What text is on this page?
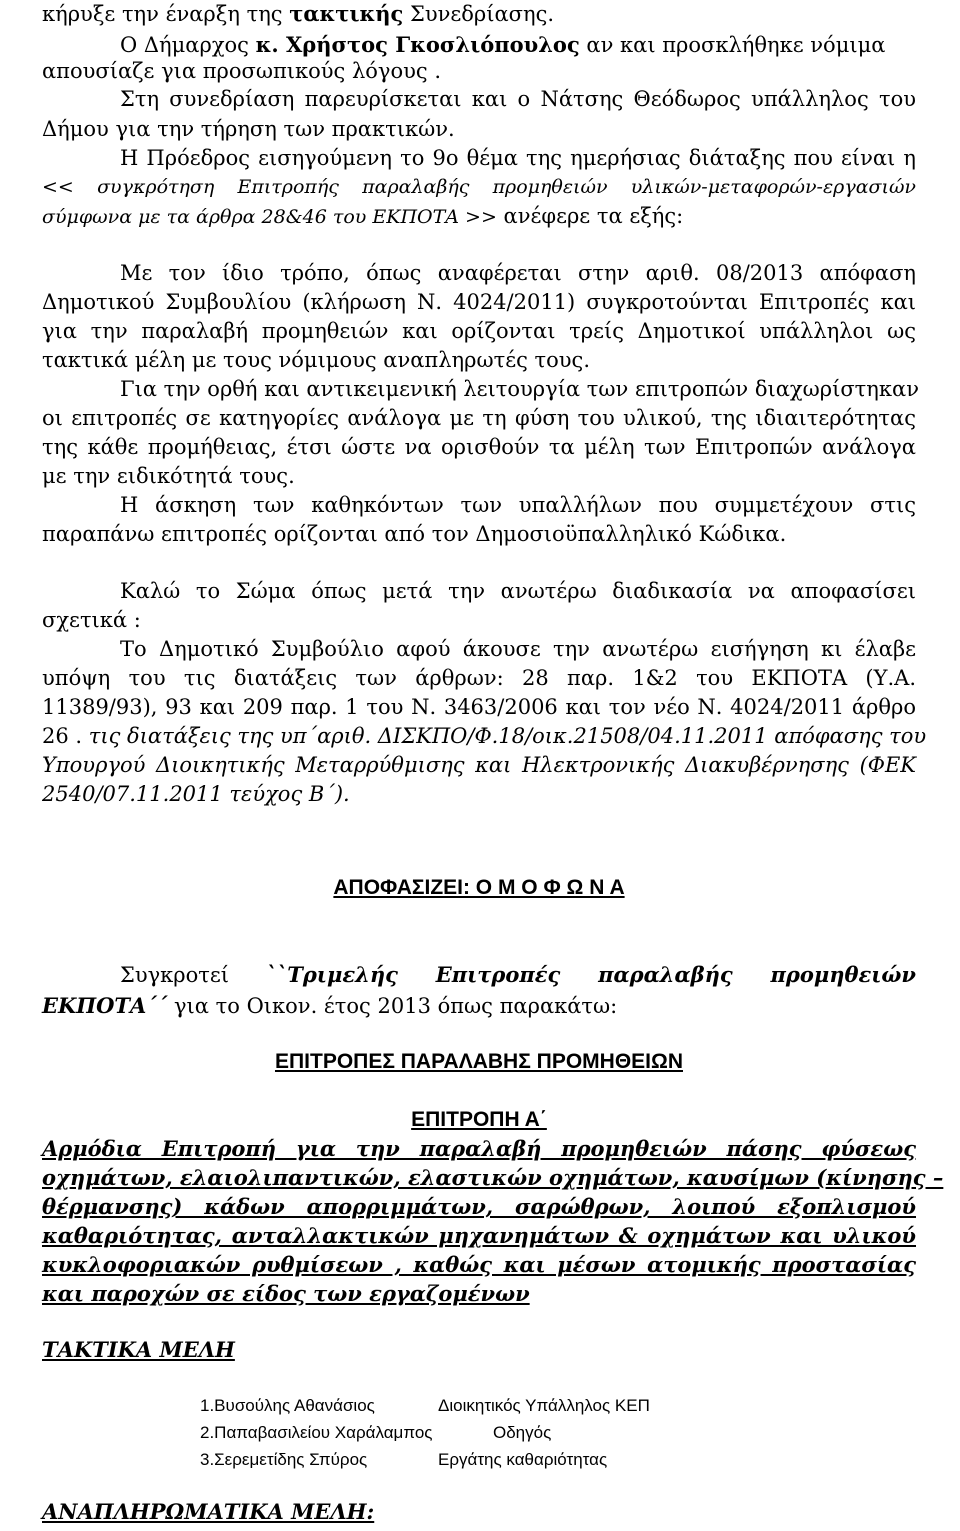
κήρυξε την έναρξη της τακτικής Συνεδρίασης.

Ο Δήμαρχος κ. Χρήστος Γκοσλιόπουλος αν και προσκλήθηκε νόμιμα

απουσίαζε για προσωπικούς λόγους .

Στη συνεδρίαση παρευρίσκεται και ο Νάτσης Θεόδωρος υπάλληλος του

Δήμου για την τήρηση των πρακτικών.

Η Πρόεδρος εισηγούμενη το 9ο θέμα της ημερήσιας διάταξης που είναι η

<< συγκρότηση Επιτροπής παραλαβής προμηθειών υλικών-μεταφορών-εργασιών

σύμφωνα με τα άρθρα 28&46 του ΕΚΠΟΤΑ >> ανέφερε τα εξής:

Με τον ίδιο τρόπο, όπως αναφέρεται στην αριθ. 08/2013 απόφαση

Δημοτικού Συμβουλίου (κλήρωση Ν. 4024/2011) συγκροτούνται Επιτροπές και

για την παραλαβή προμηθειών και ορίζονται τρείς Δημοτικοί υπάλληλοι ως

τακτικά μέλη με τους νόμιμους αναπληρωτές τους.

Για την ορθή και αντικειμενική λειτουργία των επιτροπών διαχωρίστηκαν

οι επιτροπές σε κατηγορίες ανάλογα με τη φύση του υλικού, της ιδιαιτερότητας

της κάθε προμήθειας, έτσι ώστε να ορισθούν τα μέλη των Επιτροπών ανάλογα

με την ειδικότητά τους.

Η άσκηση των καθηκόντων των υπαλλήλων που συμμετέχουν στις

παραπάνω επιτροπές ορίζονται από τον Δημοσιοϋπαλληλικό Κώδικα.

Καλώ το Σώμα όπως μετά την ανωτέρω διαδικασία να αποφασίσει

σχετικά :

Το Δημοτικό Συμβούλιο αφού άκουσε την ανωτέρω εισήγηση κι έλαβε

υπόψη του τις διατάξεις των άρθρων: 28 παρ. 1&2 του ΕΚΠΟΤΑ (Υ.Α.

11389/93), 93 και 209 παρ. 1 του Ν. 3463/2006 και τον νέο Ν. 4024/2011 άρθρο

26 . τις διατάξεις της υπ΄αριθ. ΔΙΣΚΠΟ/Φ.18/οικ.21508/04.11.2011 απόφασης του

Υπουργού Διοικητικής Μεταρρύθμισης και Ηλεκτρονικής Διακυβέρνησης (ΦΕΚ

2540/07.11.2011 τεύχος Β΄).

ΑΠΟΦΑΣΙΖΕΙ: Ο Μ Ο Φ Ω Ν Α

Συγκροτεί ``Τριμελής Επιτροπές παραλαβής προμηθειών

ΕΚΠΟΤΑ΄΄ για το Οικον. έτος 2013 όπως παρακάτω:

ΕΠΙΤΡΟΠΕΣ ΠΑΡΑΛΑΒΗΣ ΠΡΟΜΗΘΕΙΩΝ

ΕΠΙΤΡΟΠΗ Α΄

Αρμόδια Επιτροπή για την παραλαβή προμηθειών πάσης φύσεως

οχημάτων, ελαιολιπαντικών, ελαστικών οχημάτων, καυσίμων (κίνησης –

θέρμανσης) κάδων απορριμμάτων, σαρώθρων, λοιπού εξοπλισμού

καθαριότητας, ανταλλακτικών μηχανημάτων & οχημάτων και υλικού

κυκλοφοριακών ρυθμίσεων , καθώς και μέσων ατομικής προστασίας

και παροχών σε είδος των εργαζομένων

ΤΑΚΤΙΚΑ ΜΕΛΗ

1.Βυσούλης Αθανάσιος	Διοικητικός Υπάλληλος ΚΕΠ
2.Παπαβασιλείου Χαράλαμπος
3.Σερεμετίδης Σπύρος	Εργάτης καθαριότητας
Οδηγός

ΑΝΑΠΛΗΡΩΜΑΤΙΚΑ ΜΕΛΗ:
